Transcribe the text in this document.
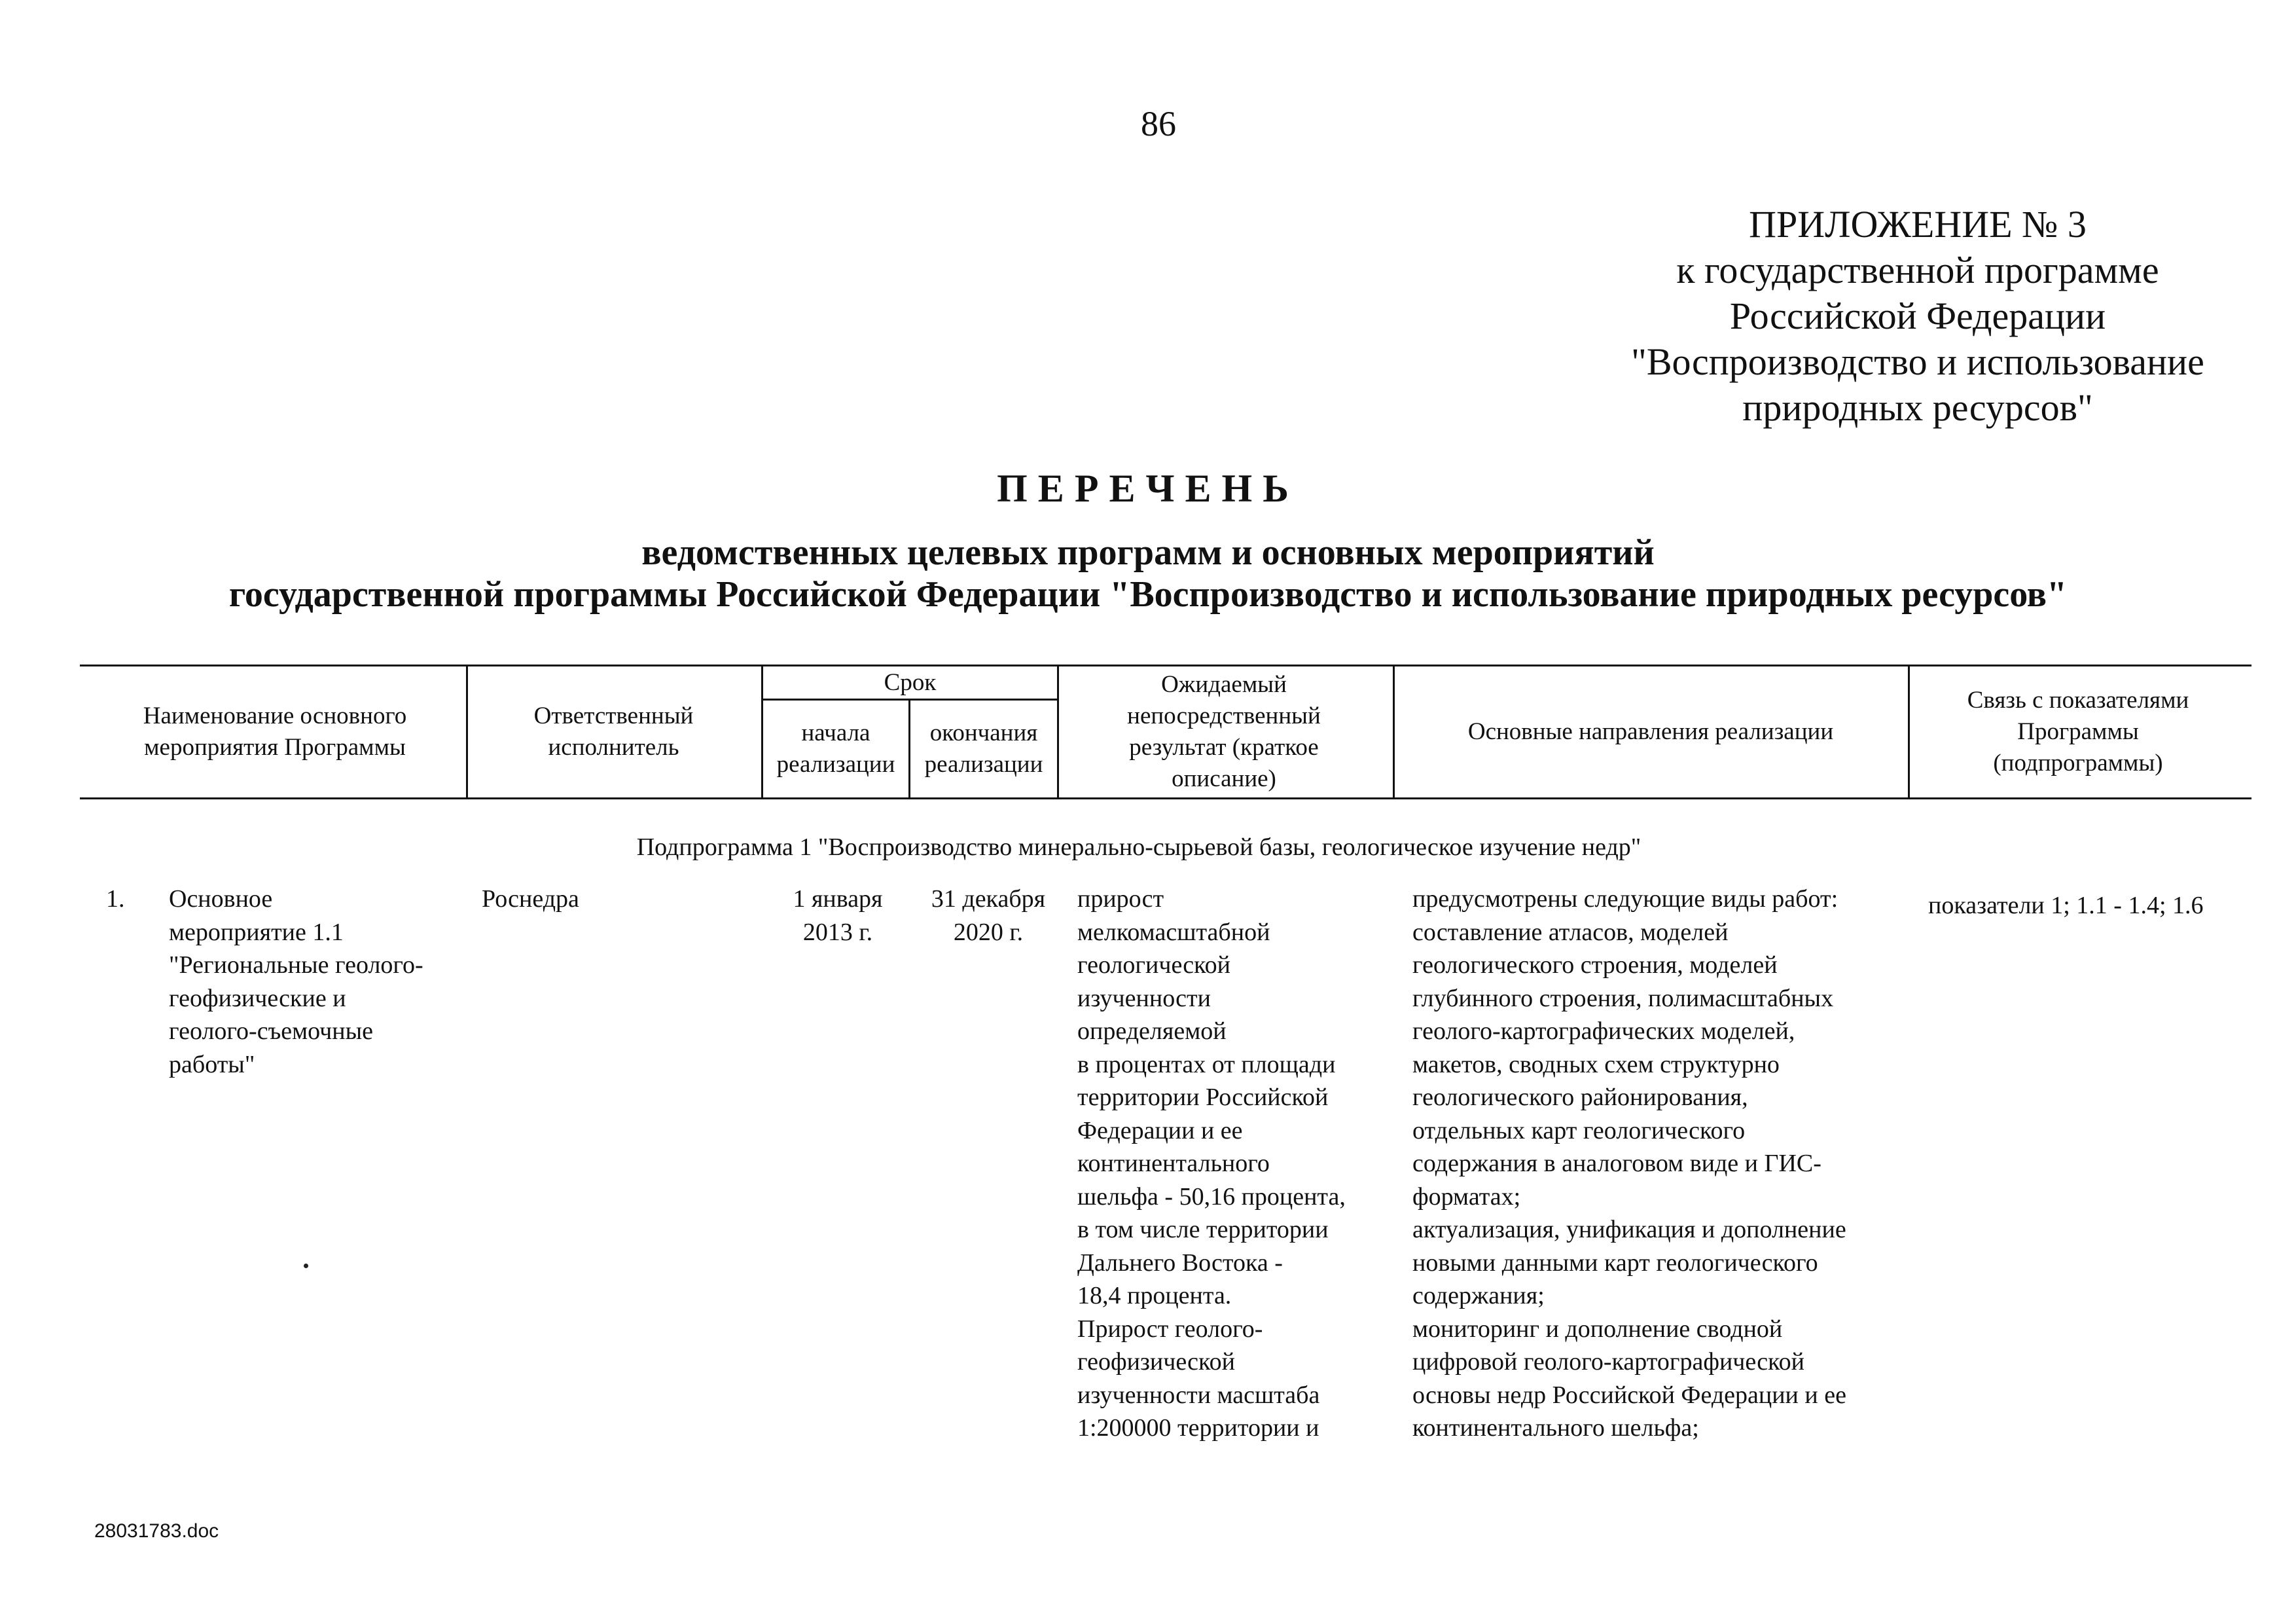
86
ПРИЛОЖЕНИЕ № 3
к государственной программе
Российской Федерации
"Воспроизводство и использование
природных ресурсов"
ПЕРЕЧЕНЬ
ведомственных целевых программ и основных мероприятий
государственной программы Российской Федерации "Воспроизводство и использование природных ресурсов"
Наименование основного мероприятия Программы
Ответственный исполнитель
Срок
начала реализации
окончания реализации
Ожидаемый непосредственный результат (краткое описание)
Основные направления реализации
Связь с показателями Программы (подпрограммы)
Подпрограмма 1 "Воспроизводство минерально-сырьевой базы, геологическое изучение недр"
1. Основное
мероприятие 1.1
"Региональные геолого-
геофизические и
геолого-съемочные
работы"
Роснедра	1 января
2013 г.
31 декабря
2020 г.
прирост
мелкомасштабной
геологической
изученности
определяемой
в процентах от площади
территории Российской
Федерации и ее
континентального
шельфа - 50,16 процента,
в том числе территории
Дальнего Востока -
18,4 процента.
Прирост геолого-
геофизической
изученности масштаба
1:200000 территории и
предусмотрены следующие виды работ:
составление атласов, моделей
геологического строения, моделей
глубинного строения, полимасштабных
геолого-картографических моделей,
макетов, сводных схем структурно
геологического районирования,
отдельных карт геологического
содержания в аналоговом виде и ГИС-
форматах;
актуализация, унификация и дополнение
новыми данными карт геологического
содержания;
мониторинг и дополнение сводной
цифровой геолого-картографической
основы недр Российской Федерации и ее
континентального шельфа;
показатели 1; 1.1 - 1.4; 1.6
28031783.doc
